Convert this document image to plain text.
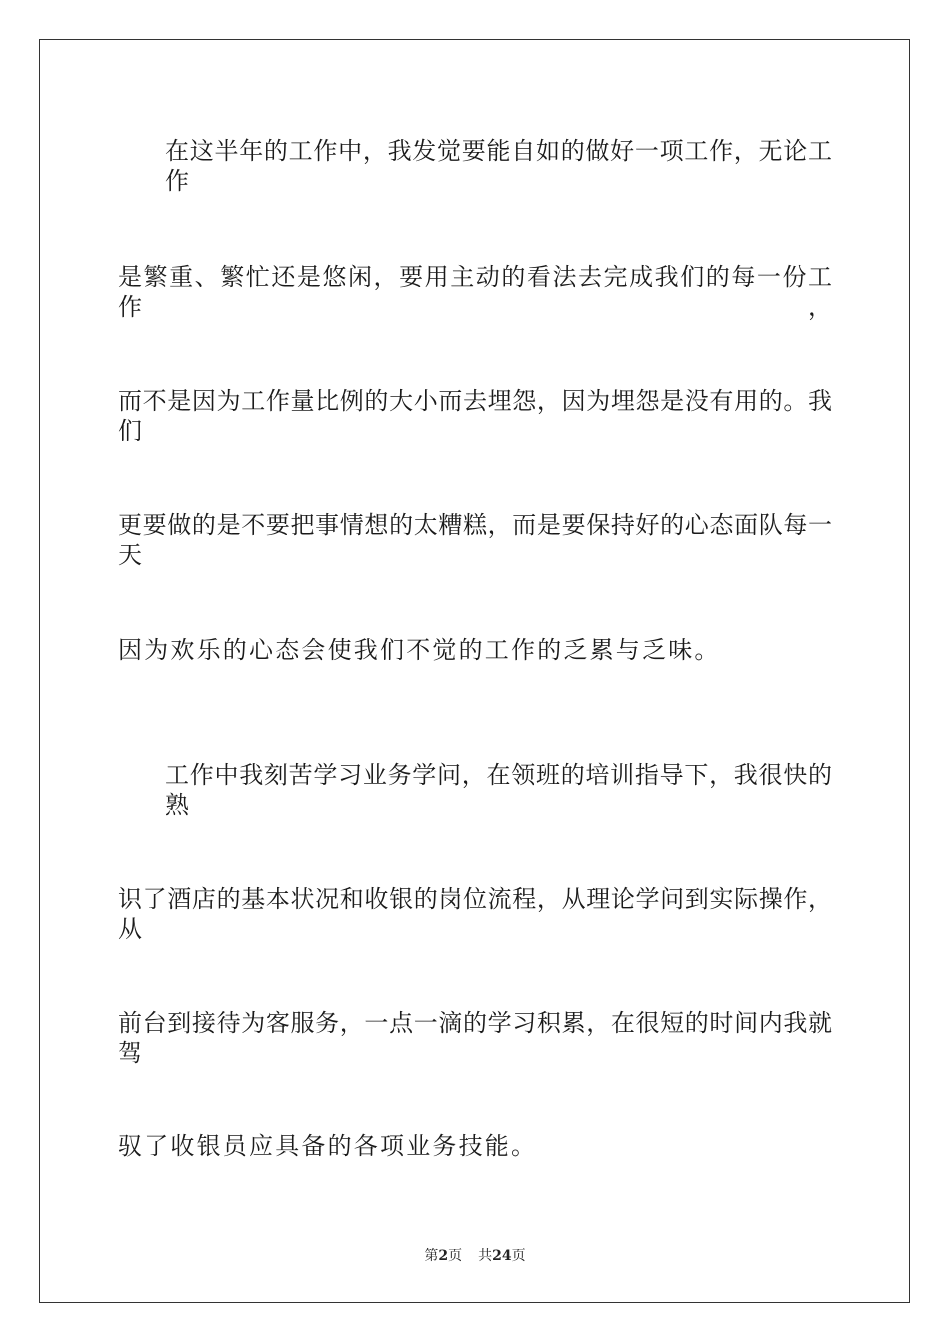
在这半年的工作中，我发觉要能自如的做好一项工作，无论工作
是繁重、繁忙还是悠闲，要用主动的看法去完成我们的每一份工作，
而不是因为工作量比例的大小而去埋怨，因为埋怨是没有用的。我们
更要做的是不要把事情想的太糟糕，而是要保持好的心态面队每一天
因为欢乐的心态会使我们不觉的工作的乏累与乏味。
工作中我刻苦学习业务学问，在领班的培训指导下，我很快的熟
识了酒店的基本状况和收银的岗位流程，从理论学问到实际操作，从
前台到接待为客服务，一点一滴的学习积累，在很短的时间内我就驾
驭了收银员应具备的各项业务技能。
第2页 共24页
